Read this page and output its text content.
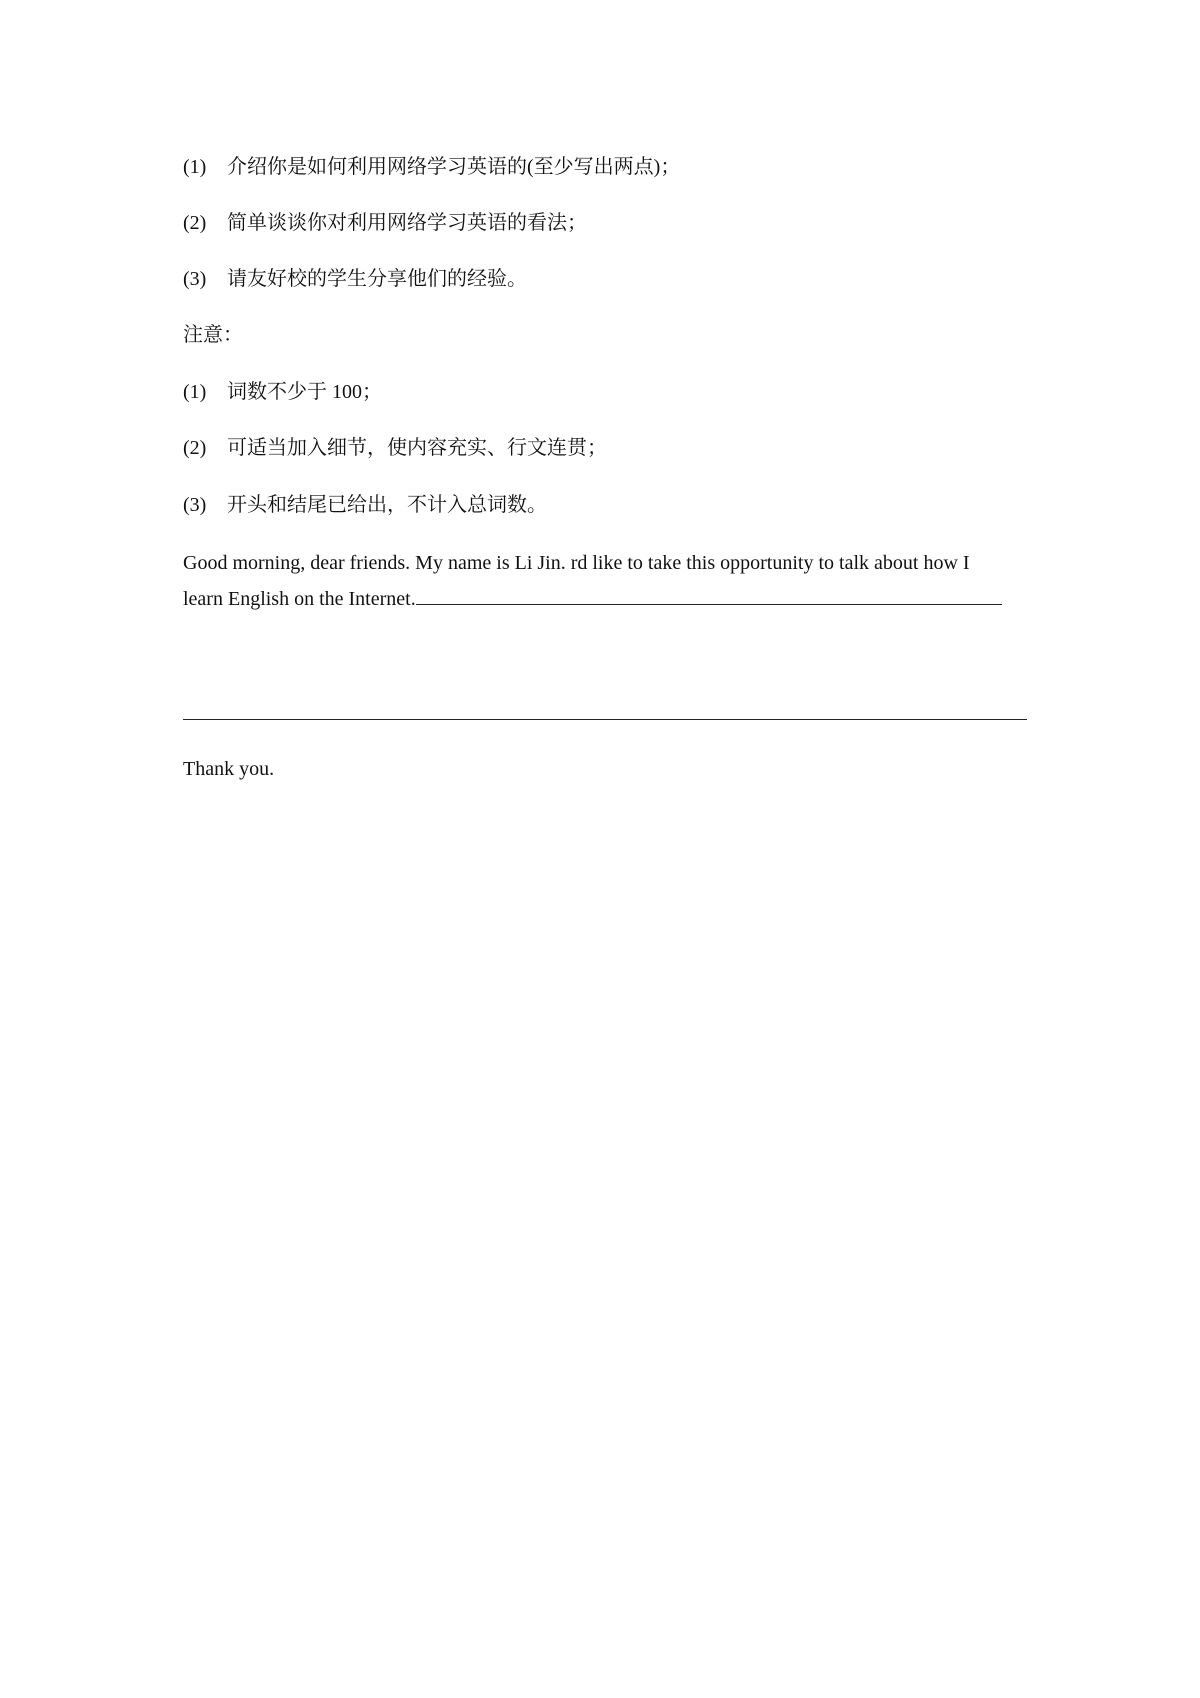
(1) 介绍你是如何利用网络学习英语的(至少写出两点)；

(2) 简单谈谈你对利用网络学习英语的看法；

(3) 请友好校的学生分享他们的经验。

注意：

(1) 词数不少于 100；

(2) 可适当加入细节，使内容充实、行文连贯；

(3) 开头和结尾已给出，不计入总词数。

Good morning, dear friends. My name is Li Jin. rd like to take this opportunity to talk about how I
learn English on the Internet.

Thank you.
